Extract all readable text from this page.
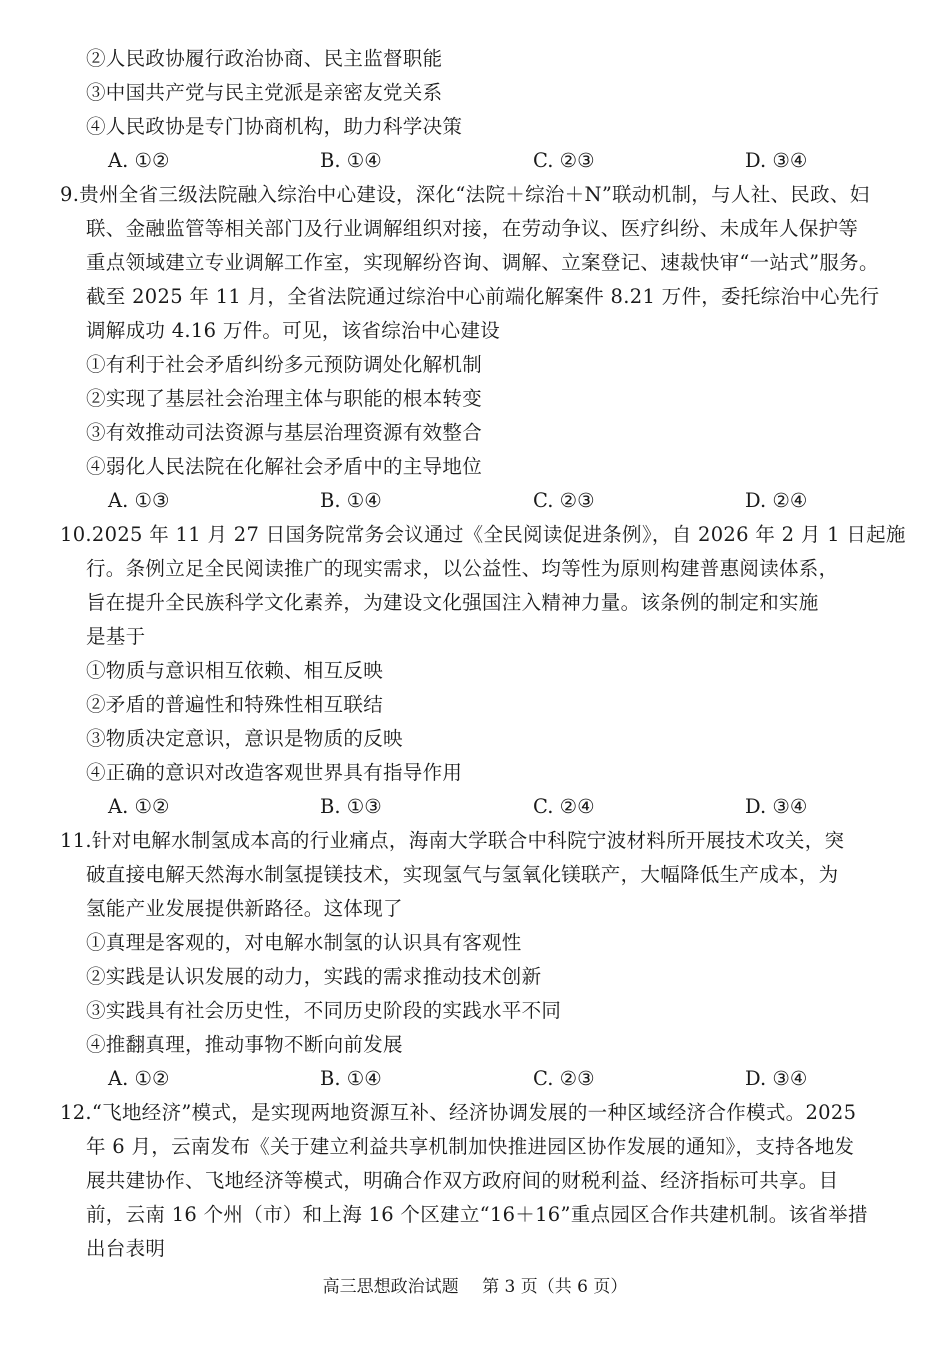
②人民政协履行政治协商、民主监督职能
③中国共产党与民主党派是亲密友党关系
④人民政协是专门协商机构，助力科学决策
A. ①②	B. ①④	C. ②③	D. ③④
9.贵州全省三级法院融入综治中心建设，深化“法院＋综治＋N”联动机制，与人社、民政、妇
联、金融监管等相关部门及行业调解组织对接，在劳动争议、医疗纠纷、未成年人保护等
重点领域建立专业调解工作室，实现解纷咨询、调解、立案登记、速裁快审“一站式”服务。
截至 2025 年 11 月，全省法院通过综治中心前端化解案件 8.21 万件，委托综治中心先行
调解成功 4.16 万件。可见，该省综治中心建设
①有利于社会矛盾纠纷多元预防调处化解机制
②实现了基层社会治理主体与职能的根本转变
③有效推动司法资源与基层治理资源有效整合
④弱化人民法院在化解社会矛盾中的主导地位
A. ①③	B. ①④	C. ②③	D. ②④
10.2025 年 11 月 27 日国务院常务会议通过《全民阅读促进条例》，自 2026 年 2 月 1 日起施
行。条例立足全民阅读推广的现实需求，以公益性、均等性为原则构建普惠阅读体系，
旨在提升全民族科学文化素养，为建设文化强国注入精神力量。该条例的制定和实施
是基于
①物质与意识相互依赖、相互反映
②矛盾的普遍性和特殊性相互联结
③物质决定意识，意识是物质的反映
④正确的意识对改造客观世界具有指导作用
A. ①②	B. ①③	C. ②④	D. ③④
11.针对电解水制氢成本高的行业痛点，海南大学联合中科院宁波材料所开展技术攻关，突
破直接电解天然海水制氢提镁技术，实现氢气与氢氧化镁联产，大幅降低生产成本，为
氢能产业发展提供新路径。这体现了
①真理是客观的，对电解水制氢的认识具有客观性
②实践是认识发展的动力，实践的需求推动技术创新
③实践具有社会历史性，不同历史阶段的实践水平不同
④推翻真理，推动事物不断向前发展
A. ①②	B. ①④	C. ②③	D. ③④
12.“飞地经济”模式，是实现两地资源互补、经济协调发展的一种区域经济合作模式。2025
年 6 月，云南发布《关于建立利益共享机制加快推进园区协作发展的通知》，支持各地发
展共建协作、飞地经济等模式，明确合作双方政府间的财税利益、经济指标可共享。目
前，云南 16 个州（市）和上海 16 个区建立“16＋16”重点园区合作共建机制。该省举措
出台表明
高三思想政治试题 第 3 页（共 6 页）
